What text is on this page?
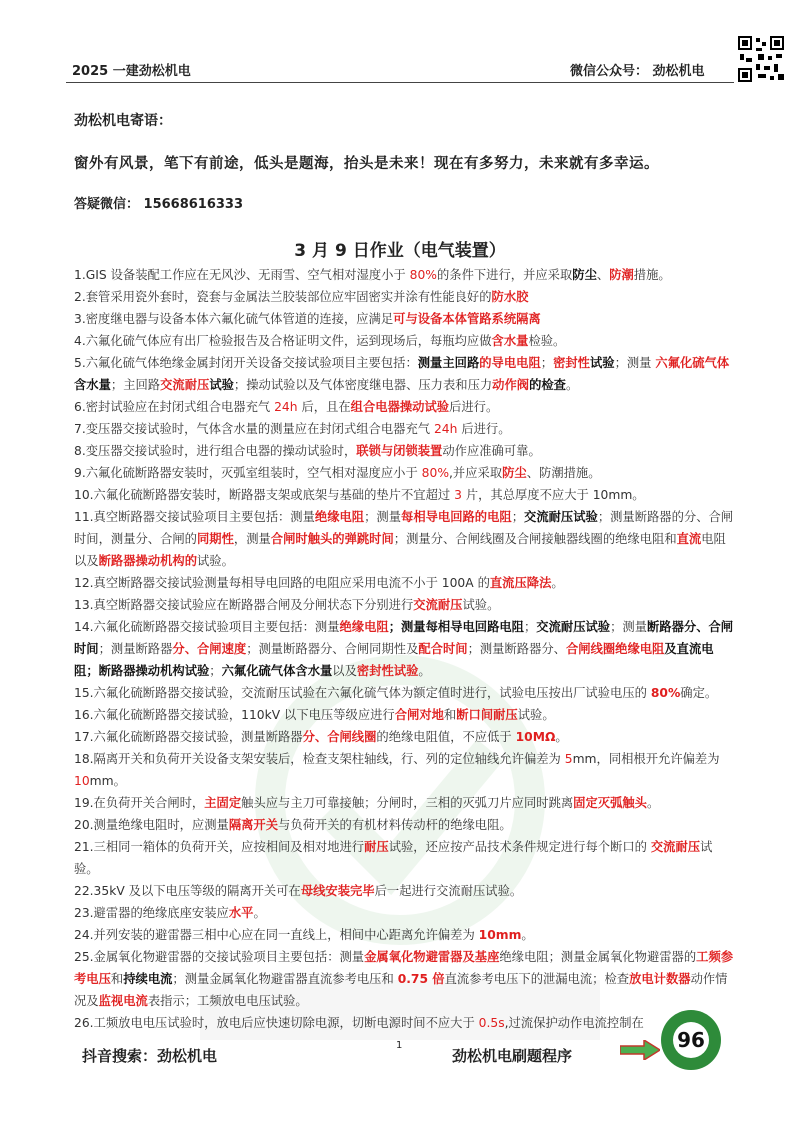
2025 一建劲松机电	微信公众号： 劲松机电
劲松机电寄语：
窗外有风景，笔下有前途，低头是题海，抬头是未来！现在有多努力，未来就有多幸运。
答疑微信： 15668616333
3 月 9 日作业（电气装置）
1.GIS 设备装配工作应在无风沙、无雨雪、空气相对湿度小于 80%的条件下进行，并应采取防尘、防潮措施。
2.套管采用瓷外套时，瓷套与金属法兰胶装部位应牢固密实并涂有性能良好的防水胶
3.密度继电器与设备本体六氟化硫气体管道的连接，应满足可与设备本体管路系统隔离
4.六氟化硫气体应有出厂检验报告及合格证明文件，运到现场后，每瓶均应做含水量检验。
5.六氟化硫气体绝缘金属封闭开关设备交接试验项目主要包括：测量主回路的导电电阻；密封性试验；测量 六氟化硫气体含水量；主回路交流耐压试验；操动试验以及气体密度继电器、压力表和压力动作阀的检查。
6.密封试验应在封闭式组合电器充气 24h 后，且在组合电器操动试验后进行。
7.变压器交接试验时，气体含水量的测量应在封闭式组合电器充气 24h 后进行。
8.变压器交接试验时，进行组合电器的操动试验时，联锁与闭锁装置动作应准确可靠。
9.六氟化硫断路器安装时，灭弧室组装时，空气相对湿度应小于 80%,并应采取防尘、防潮措施。
10.六氟化硫断路器安装时，断路器支架或底架与基础的垫片不宜超过 3 片，其总厚度不应大于 10mm。
11.真空断路器交接试验项目主要包括：测量绝缘电阻；测量每相导电回路的电阻；交流耐压试验；测量断路器的分、合闸时间，测量分、合闸的同期性，测量合闸时触头的弹跳时间；测量分、合闸线圈及合闸接触器线圈的绝缘电阻和直流电阻以及断路器操动机构的试验。
12.真空断路器交接试验测量每相导电回路的电阻应采用电流不小于 100A 的直流压降法。
13.真空断路器交接试验应在断路器合闸及分闸状态下分别进行交流耐压试验。
14.六氟化硫断路器交接试验项目主要包括：测量绝缘电阻；测量每相导电回路电阻；交流耐压试验；测量断路器分、合闸时间；测量断路器分、合闸速度；测量断路器分、合闸同期性及配合时间；测量断路器分、合闸线圈绝缘电阻及直流电阻；断路器操动机构试验；六氟化硫气体含水量以及密封性试验。
15.六氟化硫断路器交接试验，交流耐压试验在六氟化硫气体为额定值时进行，试验电压按出厂试验电压的 80%确定。
16.六氟化硫断路器交接试验，110kV 以下电压等级应进行合闸对地和断口间耐压试验。
17.六氟化硫断路器交接试验，测量断路器分、合闸线圈的绝缘电阻值，不应低于 10MΩ。
18.隔离开关和负荷开关设备支架安装后，检查支架柱轴线，行、列的定位轴线允许偏差为 5mm，同相根开允许偏差为 10mm。
19.在负荷开关合闸时，主固定触头应与主刀可靠接触；分闸时，三相的灭弧刀片应同时跳离固定灭弧触头。
20.测量绝缘电阻时，应测量隔离开关与负荷开关的有机材料传动杆的绝缘电阻。
21.三相同一箱体的负荷开关，应按相间及相对地进行耐压试验，还应按产品技术条件规定进行每个断口的 交流耐压试验。
22.35kV 及以下电压等级的隔离开关可在母线安装完毕后一起进行交流耐压试验。
23.避雷器的绝缘底座安装应水平。
24.并列安装的避雷器三相中心应在同一直线上，相间中心距离允许偏差为 10mm。
25.金属氧化物避雷器的交接试验项目主要包括：测量金属氧化物避雷器及基座绝缘电阻；测量金属氧化物避雷器的工频参考电压和持续电流；测量金属氧化物避雷器直流参考电压和 0.75 倍直流参考电压下的泄漏电流；检查放电计数器动作情况及监视电流表指示；工频放电电压试验。
26.工频放电电压试验时，放电后应快速切除电源，切断电源时间不应大于 0.5s,过流保护动作电流控制在
抖音搜索：劲松机电
1
劲松机电刷题程序
96
